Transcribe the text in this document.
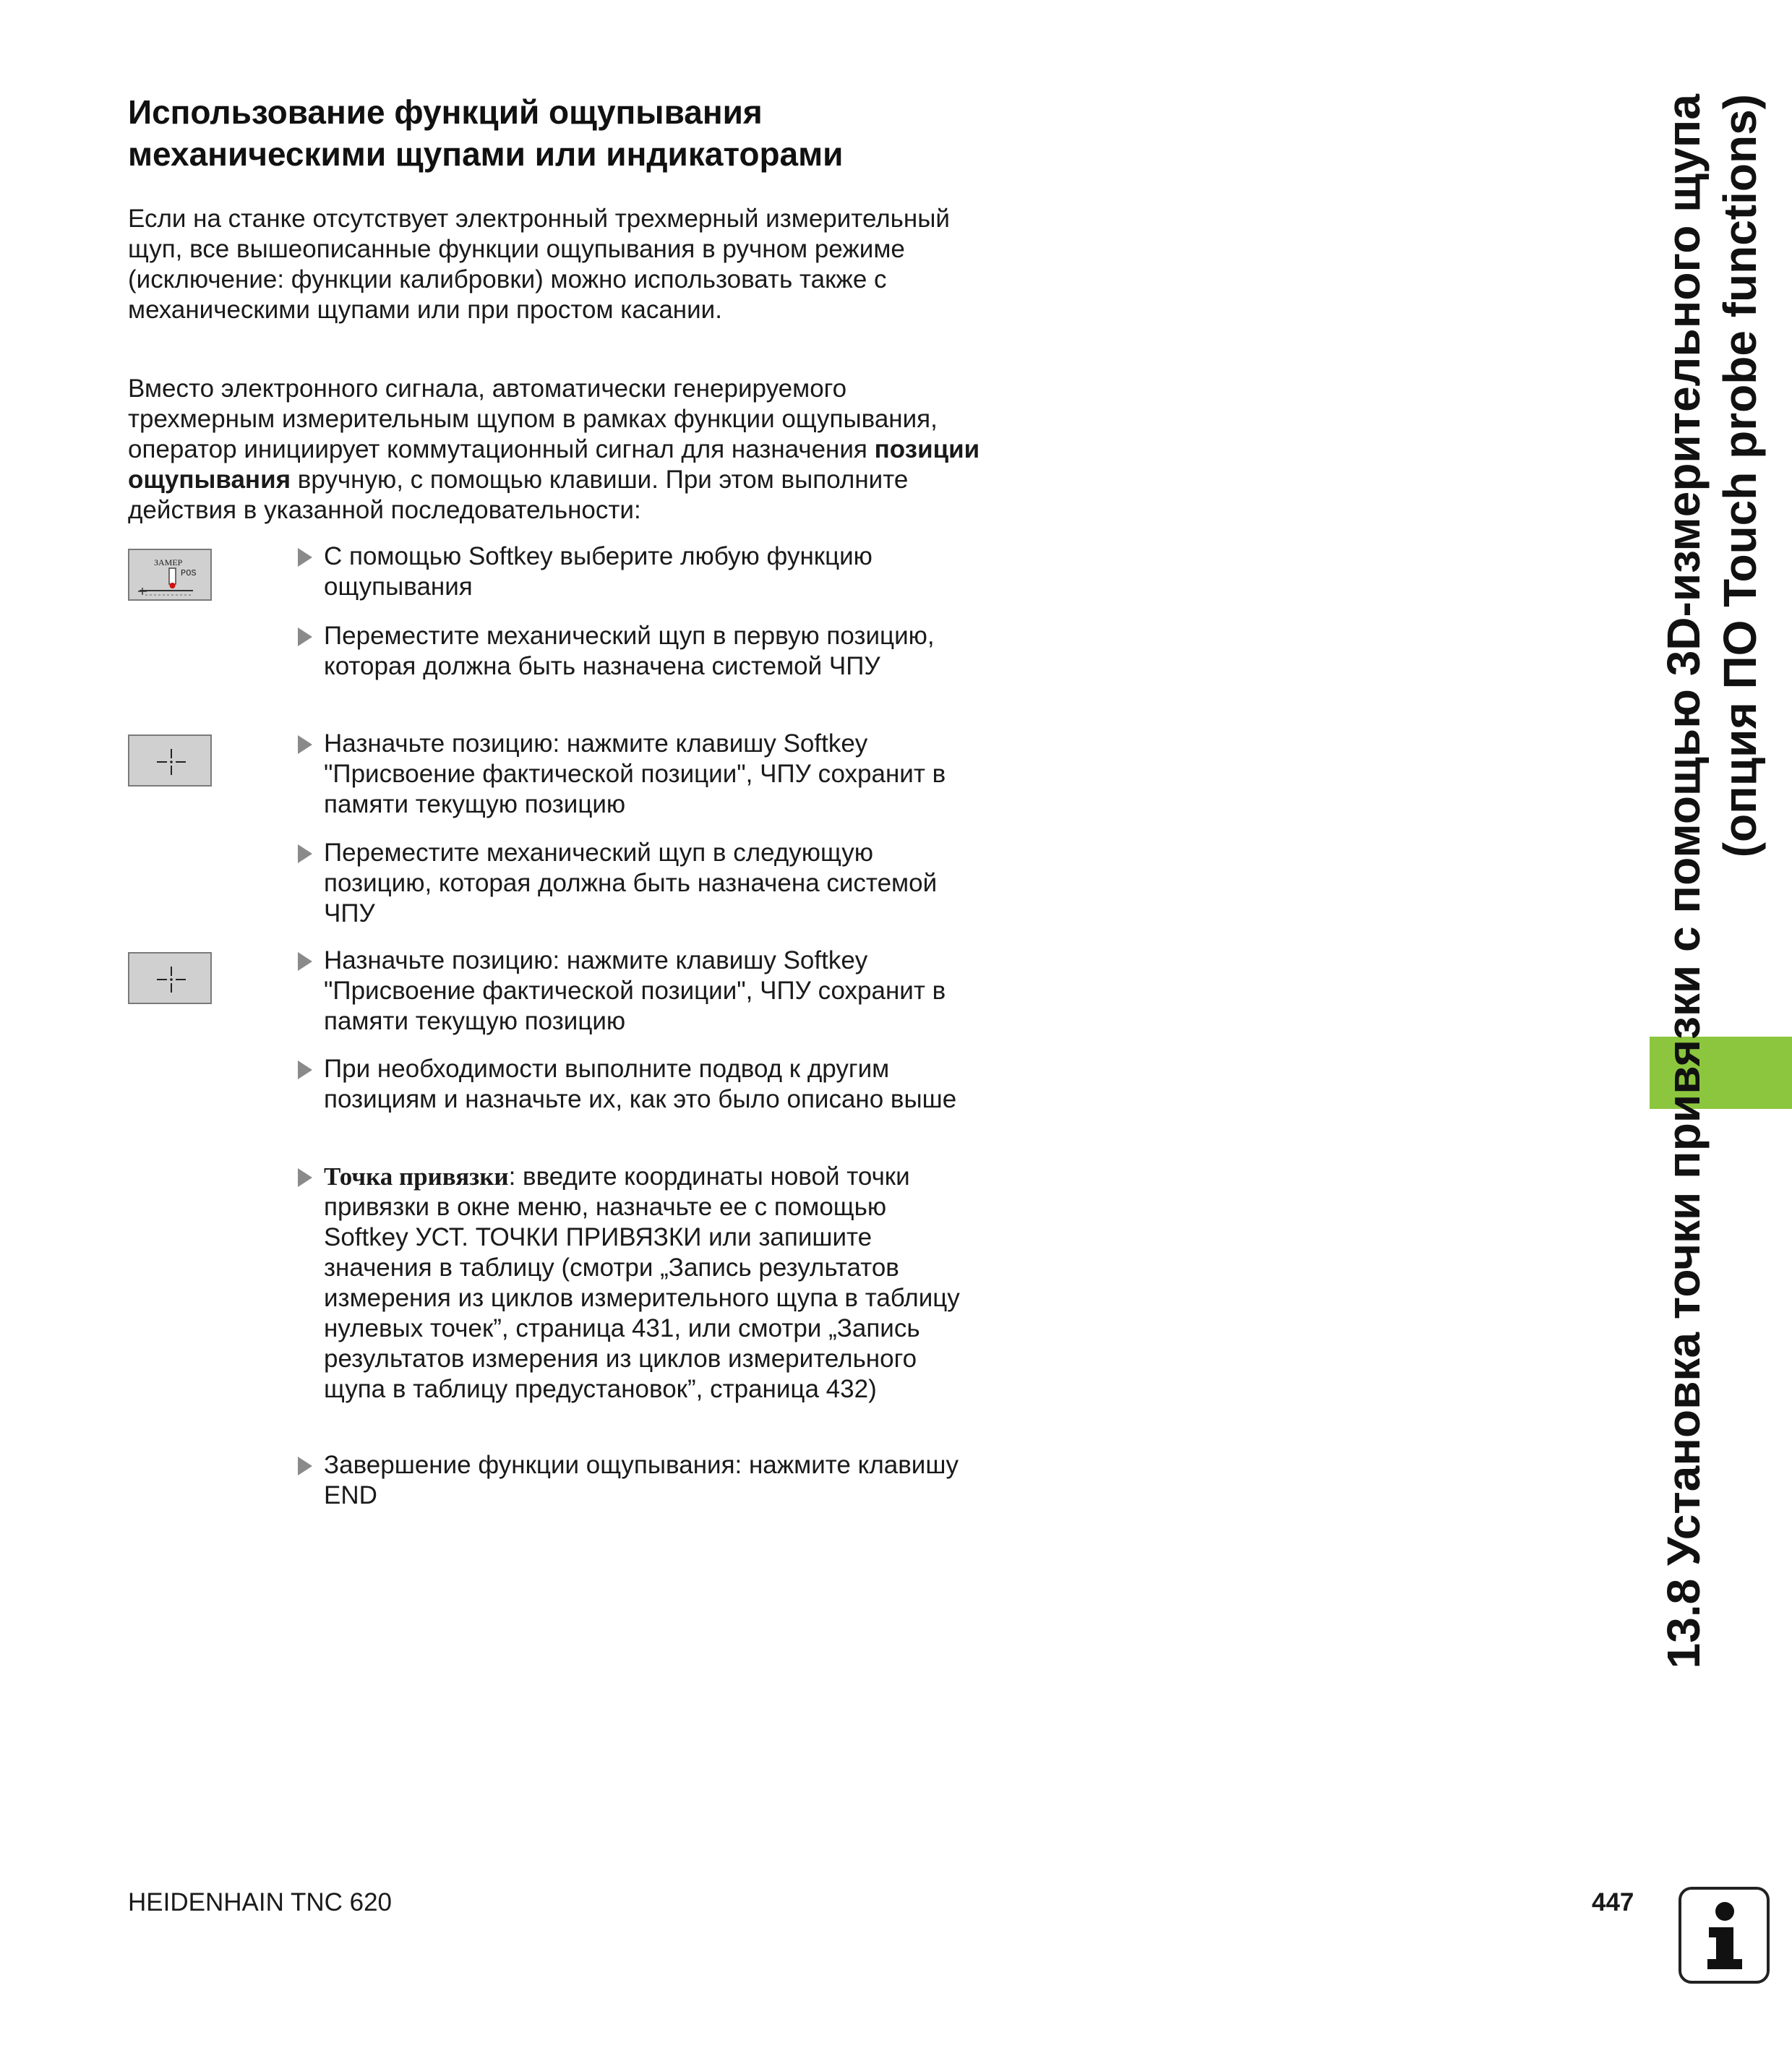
Использование функций ощупывания
механическими щупами или индикаторами
Если на станке отсутствует электронный трехмерный измерительный щуп, все вышеописанные функции ощупывания в ручном режиме (исключение: функции калибровки) можно использовать также с механическими щупами или при простом касании.
Вместо электронного сигнала, автоматически генерируемого трехмерным измерительным щупом в рамках функции ощупывания, оператор инициирует коммутационный сигнал для назначения позиции ощупывания вручную, с помощью клавиши. При этом выполните действия в указанной последовательности:
ЗАМЕР
POS
С помощью Softkey выберите любую функцию ощупывания
Переместите механический щуп в первую позицию, которая должна быть назначена системой ЧПУ
Назначьте позицию: нажмите клавишу Softkey "Присвоение фактической позиции", ЧПУ сохранит в памяти текущую позицию
Переместите механический щуп в следующую позицию, которая должна быть назначена системой ЧПУ
Назначьте позицию: нажмите клавишу Softkey "Присвоение фактической позиции", ЧПУ сохранит в памяти текущую позицию
При необходимости выполните подвод к другим позициям и назначьте их, как это было описано выше
Точка привязки: введите координаты новой точки привязки в окне меню, назначьте ее с помощью Softkey УСТ. ТОЧКИ ПРИВЯЗКИ или запишите значения в таблицу (смотри „Запись результатов измерения из циклов измерительного щупа в таблицу нулевых точек”, страница 431, или смотри „Запись результатов измерения из циклов измерительного щупа в таблицу предустановок”, страница 432)
Завершение функции ощупывания: нажмите клавишу END	13.8 Установка точки привязки с помощью 3D-измерительного щупа (опция ПО Touch probe functions)
HEIDENHAIN TNC 620	447
